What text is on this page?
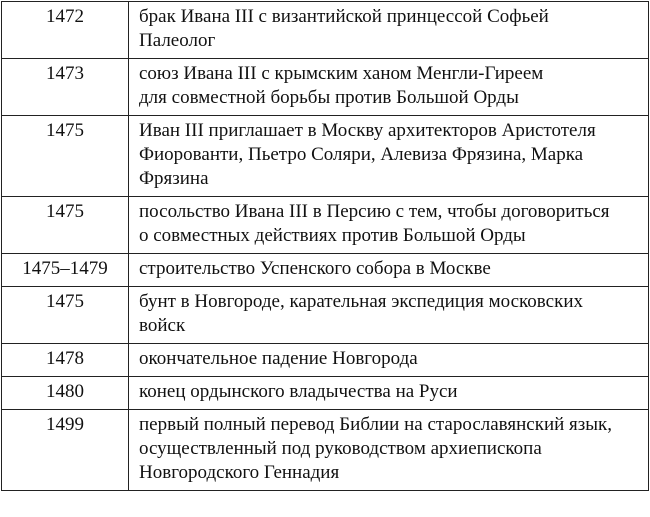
1472	брак Ивана III с византийской принцессой Софьей
Палеолог

1473	союз Ивана III с крымским ханом Менгли-Гиреем
для совместной борьбы против Большой Орды

1475	Иван III приглашает в Москву архитекторов Аристотеля
Фиорованти, Пьетро Соляри, Алевиза Фрязина, Марка
Фрязина

1475	посольство Ивана III в Персию с тем, чтобы договориться
о совместных действиях против Большой Орды

1475–1479	строительство Успенского собора в Москве

1475	бунт в Новгороде, карательная экспедиция московских
войск

1478	окончательное падение Новгорода

1480	конец ордынского владычества на Руси

1499	первый полный перевод Библии на старославянский язык,
осуществленный под руководством архиепископа
Новгородского Геннадия
